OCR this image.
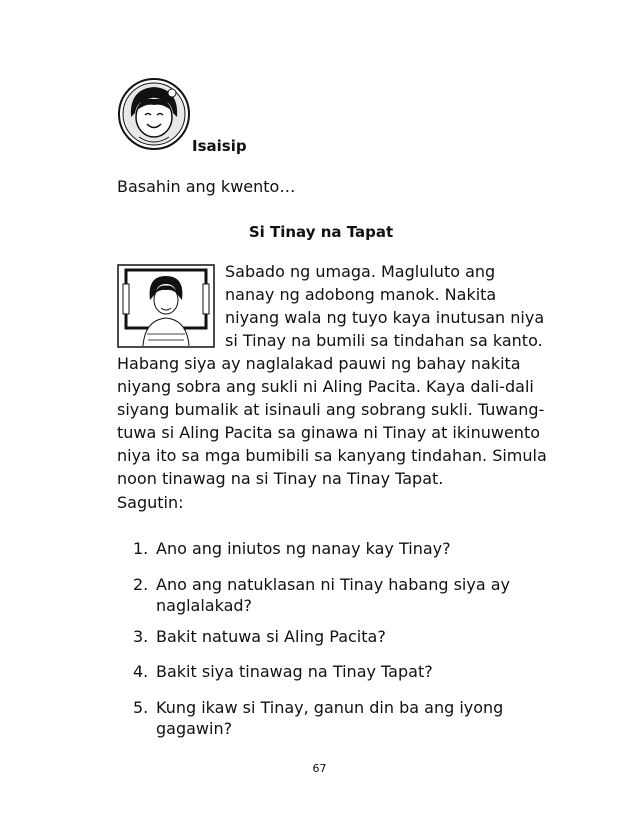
Isaisip
Basahin ang kwento…
Si Tinay na Tapat
Sabado ng umaga. Magluluto ang
nanay ng adobong manok. Nakita
niyang wala ng tuyo kaya inutusan niya
si Tinay na bumili sa tindahan sa kanto.
Habang siya ay naglalakad pauwi ng bahay nakita
niyang sobra ang sukli ni Aling Pacita. Kaya dali-dali
siyang bumalik at isinauli ang sobrang sukli. Tuwang-
tuwa si Aling Pacita sa ginawa ni Tinay at ikinuwento
niya ito sa mga bumibili sa kanyang tindahan. Simula
noon tinawag na si Tinay na Tinay Tapat.
Sagutin:
1. Ano ang iniutos ng nanay kay Tinay?
2. Ano ang natuklasan ni Tinay habang siya ay
naglalakad?
3. Bakit natuwa si Aling Pacita?
4. Bakit siya tinawag na Tinay Tapat?
5. Kung ikaw si Tinay, ganun din ba ang iyong
gagawin?
67
